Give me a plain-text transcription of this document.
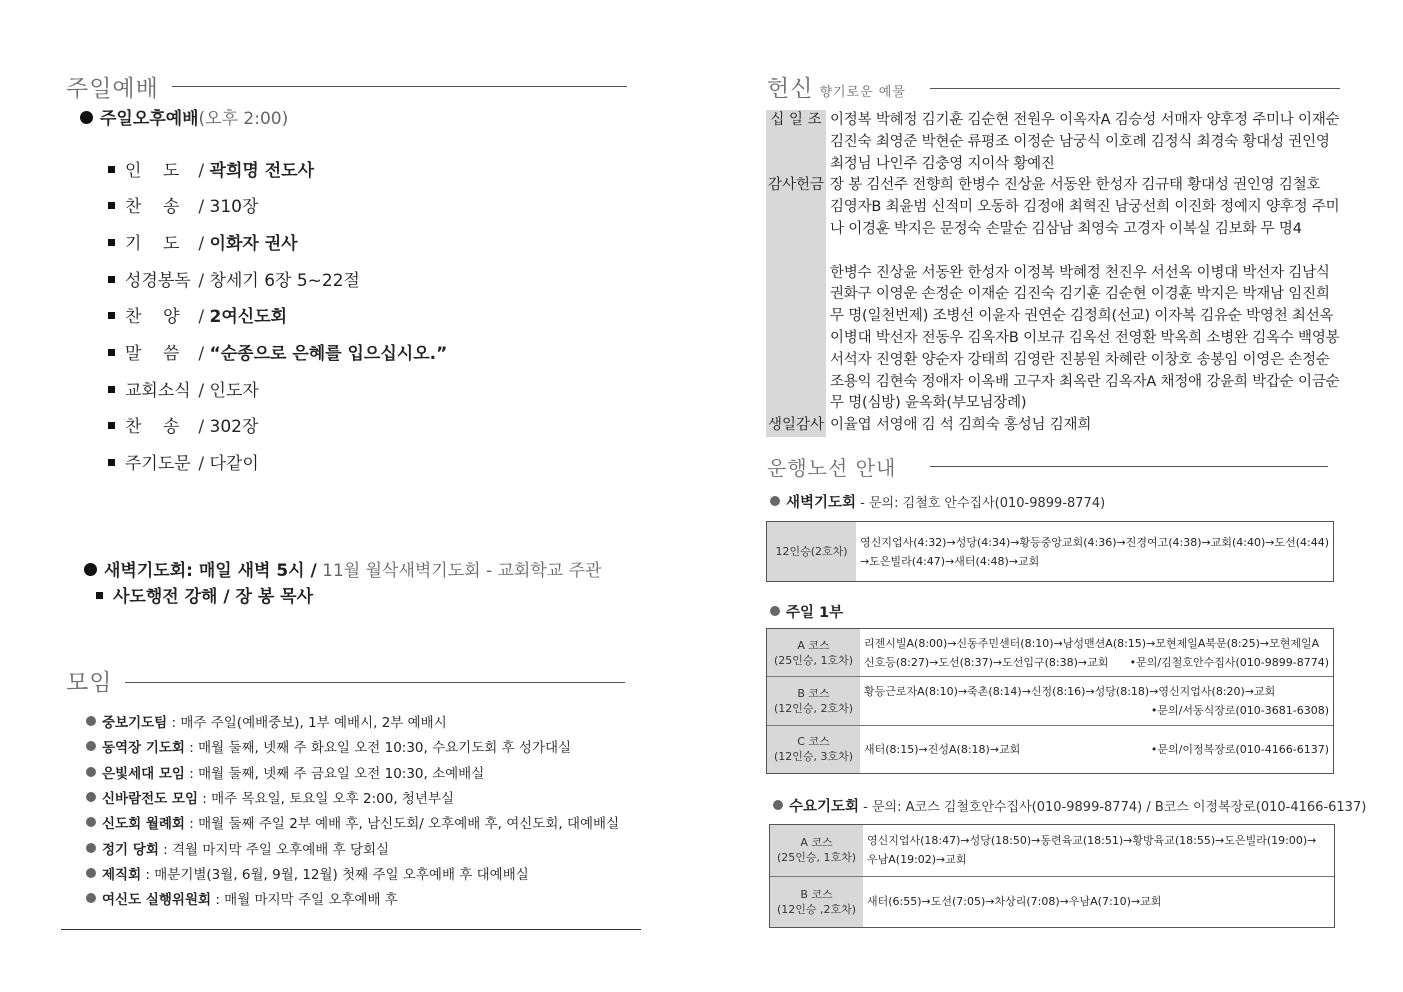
주일예배
주일오후예배(오후 2:00)
인    도 / 곽희명 전도사
찬    송 / 310장
기    도 / 이화자 권사
성경봉독 / 창세기 6장 5~22절
찬    양 / 2여신도회
말    씀 / “순종으로 은혜를 입으십시오.”
교회소식 / 인도자
찬    송 / 302장
주기도문 / 다같이
새벽기도회: 매일 새벽 5시 / 11월 월삭새벽기도회 - 교회학교 주관
사도행전 강해 / 장 봉 목사
모임
중보기도팀 : 매주 주일(예배중보), 1부 예배시, 2부 예배시
동역장 기도회 : 매월 둘째, 넷째 주 화요일 오전 10:30, 수요기도회 후 성가대실
은빛세대 모임 : 매월 둘째, 넷째 주 금요일 오전 10:30, 소예배실
신바람전도 모임 : 매주 목요일, 토요일 오후 2:00, 청년부실
신도회 월례회 : 매월 둘째 주일 2부 예배 후, 남신도회/ 오후예배 후, 여신도회, 대예배실
정기 당회 : 격월 마지막 주일 오후예배 후 당회실
제직회 : 매분기별(3월, 6월, 9월, 12월) 첫째 주일 오후예배 후 대예배실
여신도 실행위원회 : 매월 마지막 주일 오후예배 후
헌신 향기로운 예물
십 일 조 이정복 박혜정 김기훈 김순현 전원우 이옥자A 김승성 서매자 양후정 주미나 이재순
김진숙 최영준 박현순 류평조 이정순 남궁식 이호례 김정식 최경숙 황대성 권인영
최정님 나인주 김충영 지이삭 황예진
감사헌금 장 봉 김선주 전향희 한병수 진상윤 서동완 한성자 김규태 황대성 권인영 김철호
김영자B 최윤범 신적미 오동하 김정애 최혁진 남궁선희 이진화 정예지 양후정 주미
나 이경훈 박지은 문정숙 손말순 김삼남 최영숙 고경자 이복실 김보화 무 명4
한병수 진상윤 서동완 한성자 이정복 박혜정 천진우 서선옥 이병대 박선자 김남식
권화구 이영운 손정순 이재순 김진숙 김기훈 김순현 이경훈 박지은 박재남 임진희
무 명(일천번제) 조병선 이윤자 권연순 김정희(선교) 이자복 김유순 박영천 최선옥
이병대 박선자 전동우 김옥자B 이보규 김옥선 전영환 박옥희 소병완 김옥수 백영봉
서석자 진영환 양순자 강태희 김영란 진봉원 차혜란 이창호 송봉임 이영은 손정순
조용익 김현숙 정애자 이옥배 고구자 최옥란 김옥자A 채정애 강윤희 박갑순 이금순
무 명(심방) 윤옥화(부모님장례)
생일감사 이율엽 서영애 김 석 김희숙 홍성님 김재희
운행노선 안내
새벽기도회 - 문의: 김철호 안수집사(010-9899-8774)
12인승(2호차)
영신지업사(4:32)→성당(4:34)→황등중앙교회(4:36)→진경여고(4:38)→교회(4:40)→도선(4:44)
→도은빌라(4:47)→새터(4:48)→교회
주일 1부
A 코스
(25인승, 1호차)
리젠시빌A(8:00)→신동주민센터(8:10)→남성맨션A(8:15)→모현제일A북문(8:25)→모현제일A
신호등(8:27)→도선(8:37)→도선입구(8:38)→교회 •문의/김철호안수집사(010-9899-8774)
B 코스
(12인승, 2호차)
황등근로자A(8:10)→죽촌(8:14)→신정(8:16)→성당(8:18)→영신지업사(8:20)→교회
•문의/서동식장로(010-3681-6308)
C 코스
(12인승, 3호차)
새터(8:15)→진성A(8:18)→교회	•문의/이정복장로(010-4166-6137)
수요기도회 - 문의: A코스 김철호안수집사(010-9899-8774) / B코스 이정복장로(010-4166-6137)
A 코스
(25인승, 1호차)
영신지업사(18:47)→성당(18:50)→동련육교(18:51)→황방육교(18:55)→도은빌라(19:00)→
우남A(19:02)→교회
B 코스
(12인승 ,2호차)
새터(6:55)→도선(7:05)→차상리(7:08)→우남A(7:10)→교회
